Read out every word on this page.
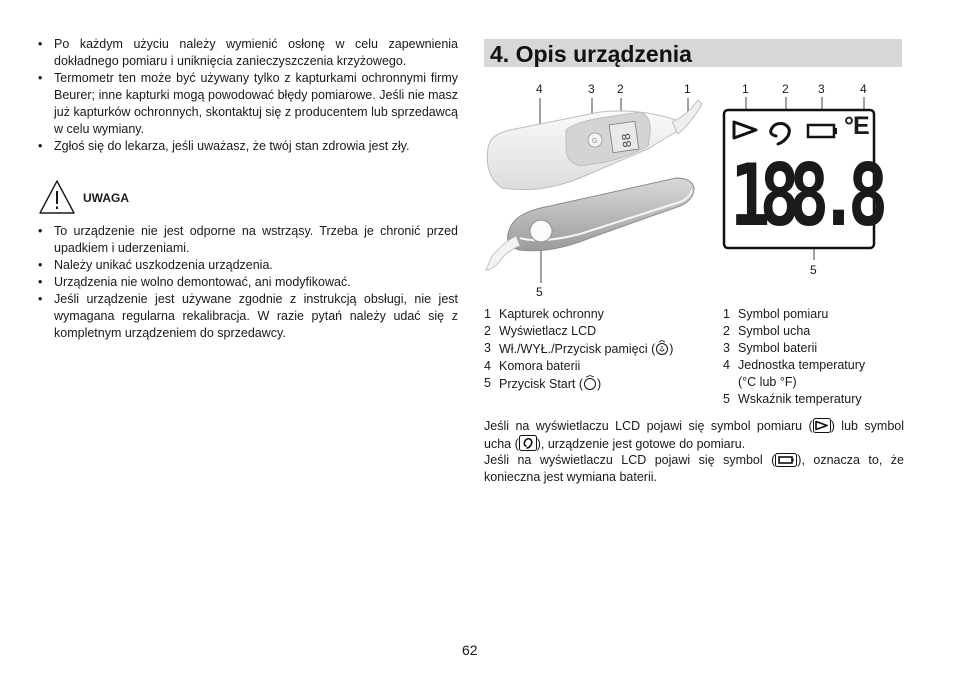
• Po każdym użyciu należy wymienić osłonę w celu zapewnienia dokładnego pomiaru i uniknięcia zanieczyszczenia krzyżowego.
• Termometr ten może być używany tylko z kapturkami ochronnymi firmy Beurer; inne kapturki mogą powodować błędy pomiarowe. Jeśli nie masz już kapturków ochronnych, skontaktuj się z producentem lub sprzedawcą w celu wymiany.
• Zgłoś się do lekarza, jeśli uważasz, że twój stan zdrowia jest zły.
UWAGA
• To urządzenie nie jest odporne na wstrząsy. Trzeba je chronić przed upadkiem i uderzeniami.
• Należy unikać uszkodzenia urządzenia.
• Urządzenia nie wolno demontować, ani modyfikować.
• Jeśli urządzenie jest używane zgodnie z instrukcją obsługi, nie jest wymagana regularna rekalibracja. W razie pytań należy udać się z kompletnym urządzeniem do sprzedawcy.
4. Opis urządzenia
4	3 2	1
5
G 88
1	2 3	4
5
°E
188.8
1 Kapturek ochronny
2 Wyświetlacz LCD
3 Wł./WYŁ./Przycisk pamięci ( )
4 Komora baterii
5 Przycisk Start ( )
1 Symbol pomiaru
2 Symbol ucha
3 Symbol baterii
4 Jednostka temperatury
(°C lub °F)
5 Wskaźnik temperatury
Jeśli na wyświetlaczu LCD pojawi się symbol pomiaru ( ) lub symbol ucha ( ), urządzenie jest gotowe do pomiaru.
Jeśli na wyświetlaczu LCD pojawi się symbol ( ), oznacza to, że konieczna jest wymiana baterii.
62
